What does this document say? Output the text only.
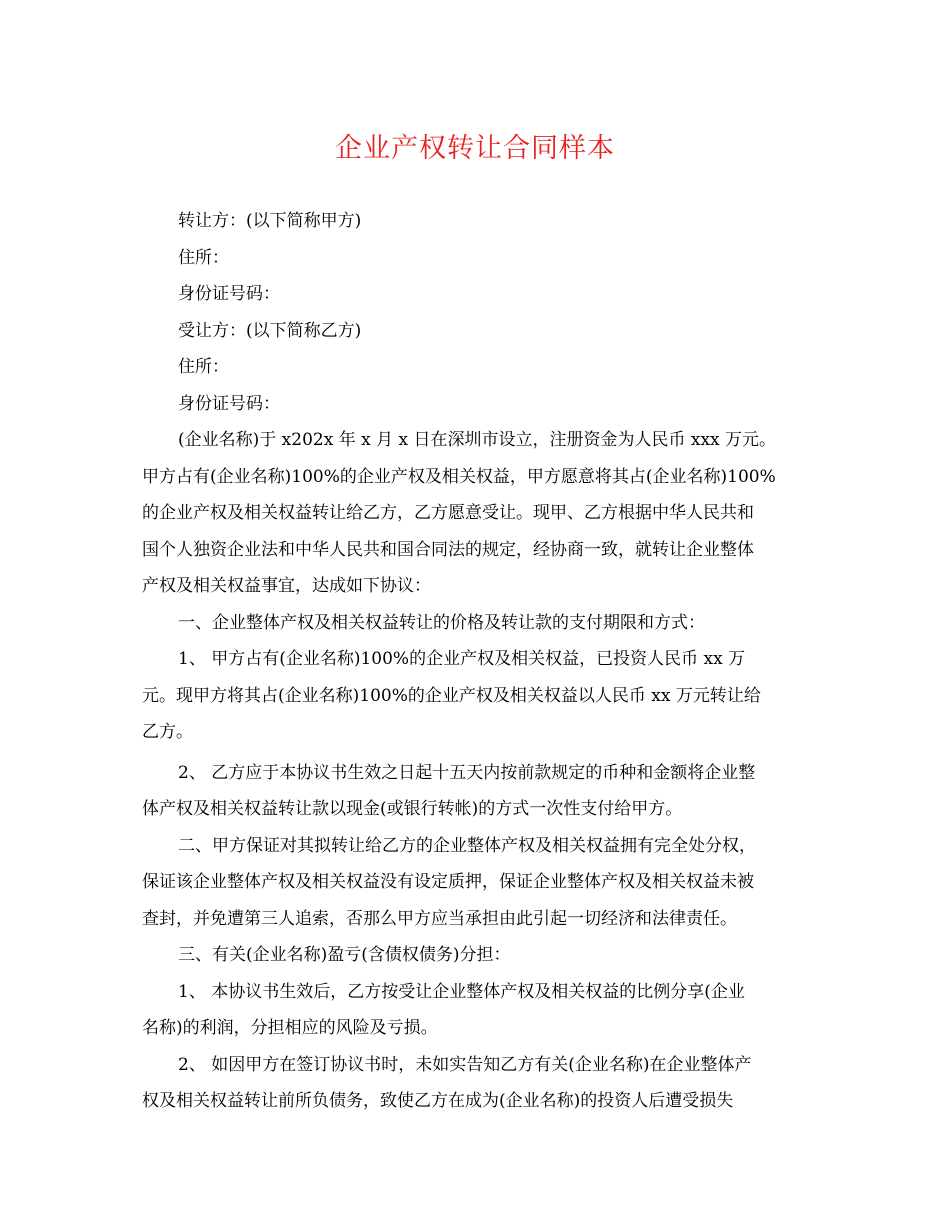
企业产权转让合同样本
转让方：(以下简称甲方)
住所：
身份证号码：
受让方：(以下简称乙方)
住所：
身份证号码：
(企业名称)于 x202x 年 x 月 x 日在深圳市设立，注册资金为人民币 xxx 万元。
甲方占有(企业名称)100%的企业产权及相关权益，甲方愿意将其占(企业名称)100%
的企业产权及相关权益转让给乙方，乙方愿意受让。现甲、乙方根据中华人民共和
国个人独资企业法和中华人民共和国合同法的规定，经协商一致，就转让企业整体
产权及相关权益事宜，达成如下协议：
一、企业整体产权及相关权益转让的价格及转让款的支付期限和方式：
1、 甲方占有(企业名称)100%的企业产权及相关权益，已投资人民币 xx 万
元。现甲方将其占(企业名称)100%的企业产权及相关权益以人民币 xx 万元转让给
乙方。
2、 乙方应于本协议书生效之日起十五天内按前款规定的币种和金额将企业整
体产权及相关权益转让款以现金(或银行转帐)的方式一次性支付给甲方。
二、甲方保证对其拟转让给乙方的企业整体产权及相关权益拥有完全处分权，
保证该企业整体产权及相关权益没有设定质押，保证企业整体产权及相关权益未被
查封，并免遭第三人追索，否那么甲方应当承担由此引起一切经济和法律责任。
三、有关(企业名称)盈亏(含债权债务)分担：
1、 本协议书生效后，乙方按受让企业整体产权及相关权益的比例分享(企业
名称)的利润，分担相应的风险及亏损。
2、 如因甲方在签订协议书时，未如实告知乙方有关(企业名称)在企业整体产
权及相关权益转让前所负债务，致使乙方在成为(企业名称)的投资人后遭受损失
